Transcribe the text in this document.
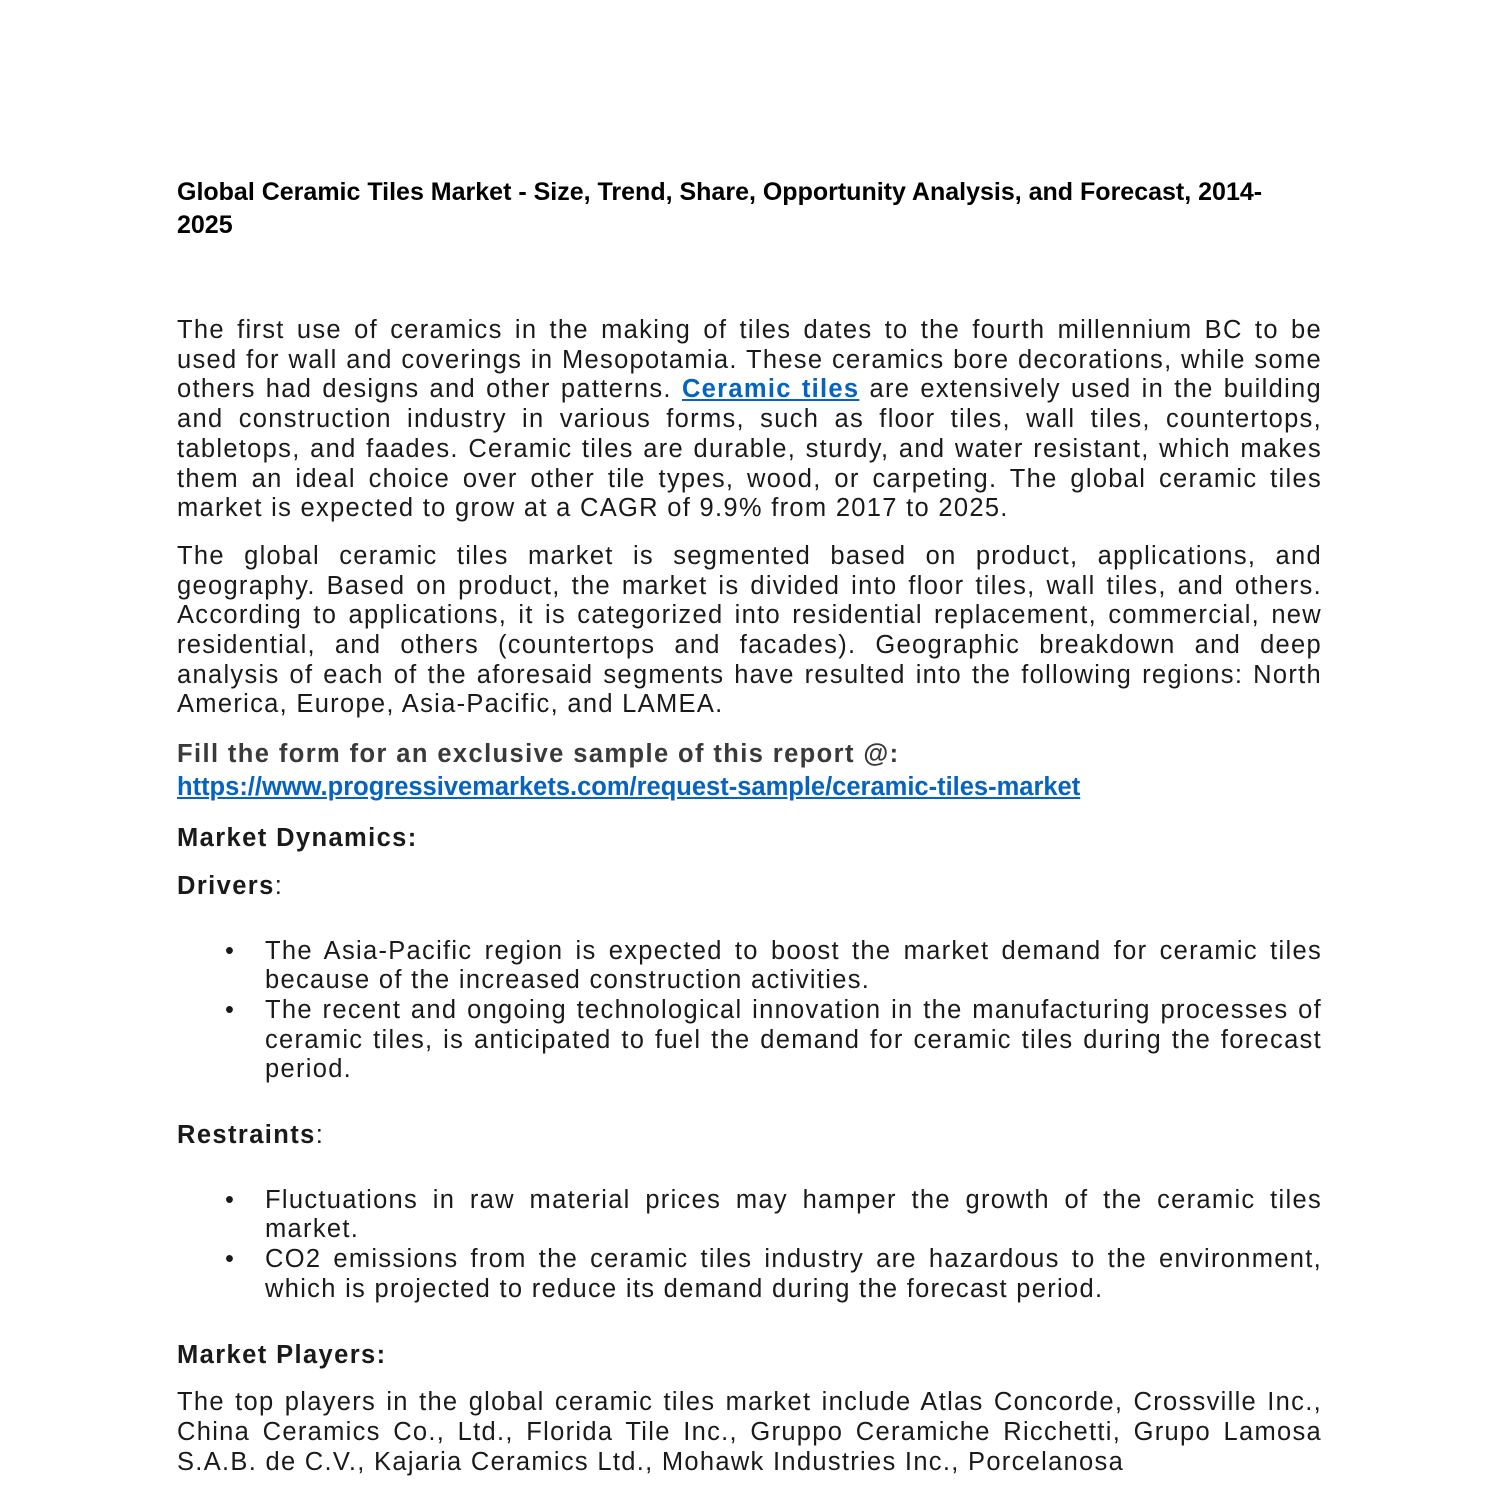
Global Ceramic Tiles Market - Size, Trend, Share, Opportunity Analysis, and Forecast, 2014-2025

The first use of ceramics in the making of tiles dates to the fourth millennium BC to be used for wall and coverings in Mesopotamia. These ceramics bore decorations, while some others had designs and other patterns. Ceramic tiles are extensively used in the building and construction industry in various forms, such as floor tiles, wall tiles, countertops, tabletops, and faades. Ceramic tiles are durable, sturdy, and water resistant, which makes them an ideal choice over other tile types, wood, or carpeting. The global ceramic tiles market is expected to grow at a CAGR of 9.9% from 2017 to 2025.

The global ceramic tiles market is segmented based on product, applications, and geography. Based on product, the market is divided into floor tiles, wall tiles, and others. According to applications, it is categorized into residential replacement, commercial, new residential, and others (countertops and facades). Geographic breakdown and deep analysis of each of the aforesaid segments have resulted into the following regions: North America, Europe, Asia-Pacific, and LAMEA.

Fill the form for an exclusive sample of this report @:
https://www.progressivemarkets.com/request-sample/ceramic-tiles-market

Market Dynamics:

Drivers:

• The Asia-Pacific region is expected to boost the market demand for ceramic tiles because of the increased construction activities.
• The recent and ongoing technological innovation in the manufacturing processes of ceramic tiles, is anticipated to fuel the demand for ceramic tiles during the forecast period.

Restraints:

• Fluctuations in raw material prices may hamper the growth of the ceramic tiles market.
• CO2 emissions from the ceramic tiles industry are hazardous to the environment, which is projected to reduce its demand during the forecast period.

Market Players:

The top players in the global ceramic tiles market include Atlas Concorde, Crossville Inc., China Ceramics Co., Ltd., Florida Tile Inc., Gruppo Ceramiche Ricchetti, Grupo Lamosa S.A.B. de C.V., Kajaria Ceramics Ltd., Mohawk Industries Inc., Porcelanosa
